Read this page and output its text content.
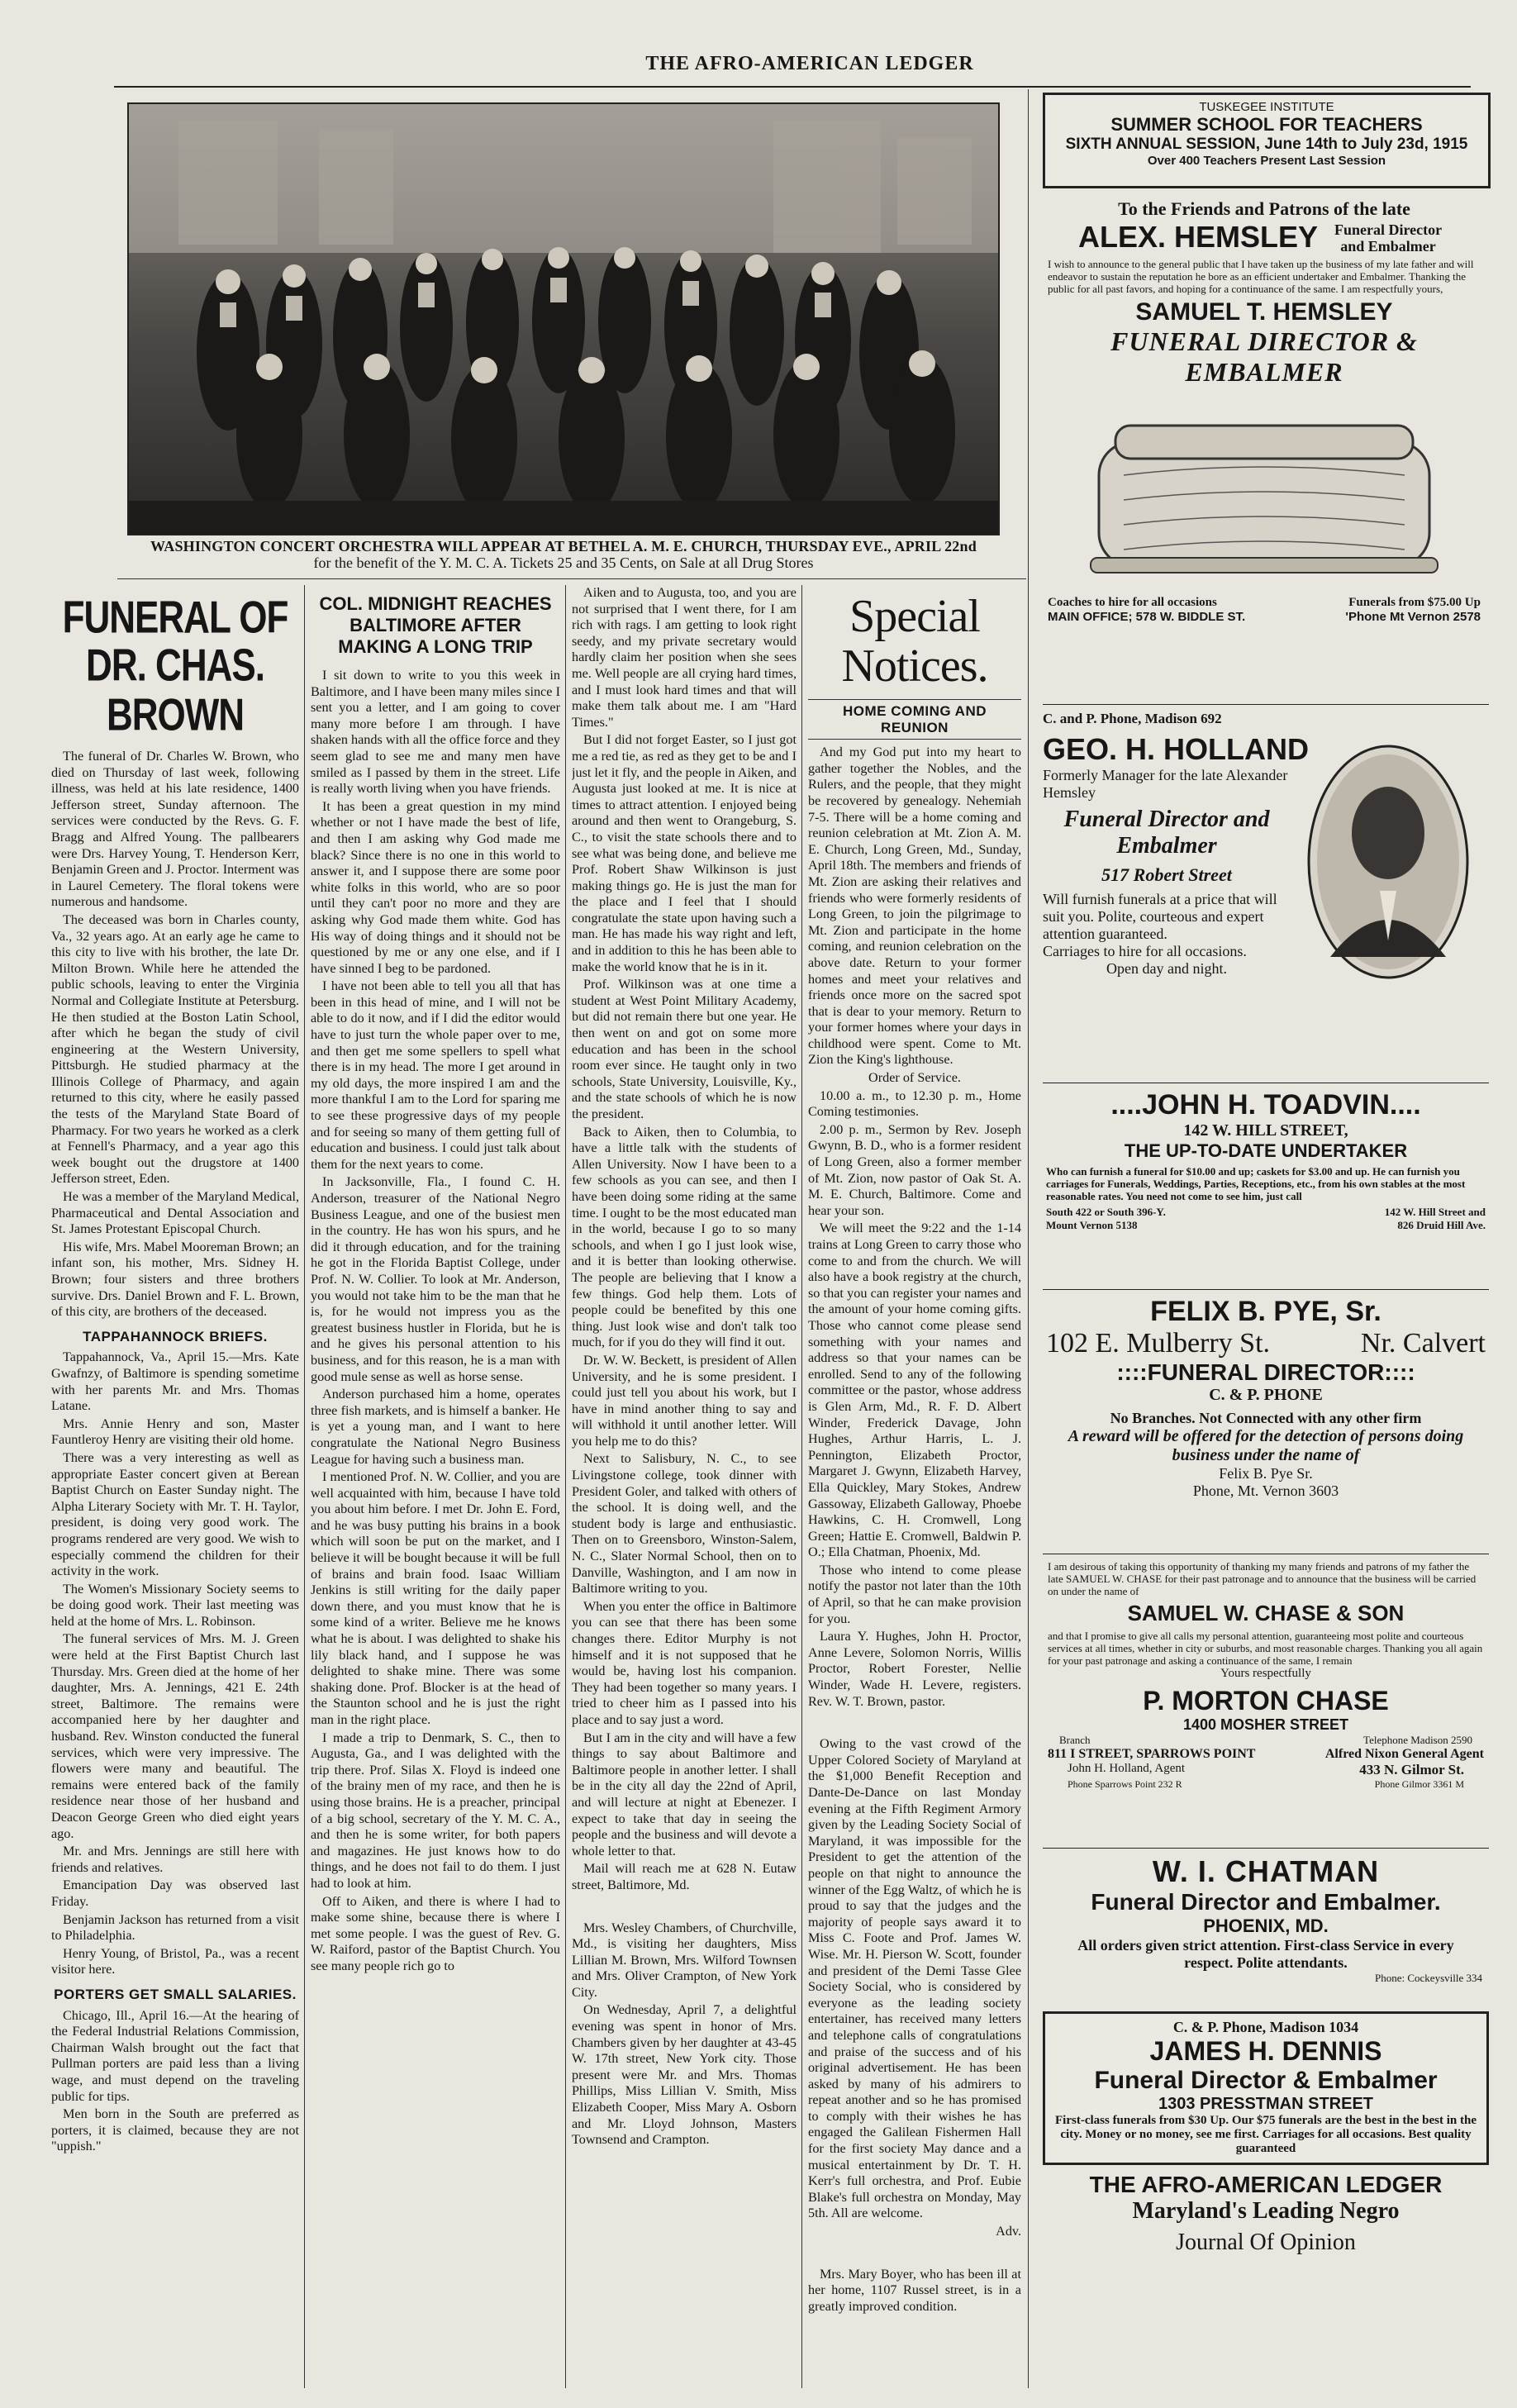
THE AFRO-AMERICAN LEDGER
WASHINGTON CONCERT ORCHESTRA WILL APPEAR AT BETHEL A. M. E. CHURCH, THURSDAY EVE., APRIL 22nd
for the benefit of the Y. M. C. A. Tickets 25 and 35 Cents, on Sale at all Drug Stores
FUNERAL OF
DR. CHAS. BROWN

The funeral of Dr. Charles W. Brown, who died on Thursday of last week, following illness, was held at his late residence, 1400 Jefferson street, Sunday afternoon. The services were conducted by the Revs. G. F. Bragg and Alfred Young. The pallbearers were Drs. Harvey Young, T. Henderson Kerr, Benjamin Green and J. Proctor. Interment was in Laurel Cemetery. The floral tokens were numerous and handsome.

The deceased was born in Charles county, Va., 32 years ago. At an early age he came to this city to live with his brother, the late Dr. Milton Brown. While here he attended the public schools, leaving to enter the Virginia Normal and Collegiate Institute at Petersburg. He then studied at the Boston Latin School, after which he began the study of civil engineering at the Western University, Pittsburgh. He studied pharmacy at the Illinois College of Pharmacy, and again returned to this city, where he easily passed the tests of the Maryland State Board of Pharmacy. For two years he worked as a clerk at Fennell's Pharmacy, and a year ago this week bought out the drugstore at 1400 Jefferson street, Eden.

He was a member of the Maryland Medical, Pharmaceutical and Dental Association and St. James Protestant Episcopal Church.

His wife, Mrs. Mabel Mooreman Brown; an infant son, his mother, Mrs. Sidney H. Brown; four sisters and three brothers survive. Drs. Daniel Brown and F. L. Brown, of this city, are brothers of the deceased.

TAPPAHANNOCK BRIEFS.

Tappahannock, Va., April 15.—Mrs. Kate Gwafnzy, of Baltimore is spending sometime with her parents Mr. and Mrs. Thomas Latane.

Mrs. Annie Henry and son, Master Fauntleroy Henry are visiting their old home.

There was a very interesting as well as appropriate Easter concert given at Berean Baptist Church on Easter Sunday night. The Alpha Literary Society with Mr. T. H. Taylor, president, is doing very good work. The programs rendered are very good. We wish to especially commend the children for their activity in the work.

The Women's Missionary Society seems to be doing good work. Their last meeting was held at the home of Mrs. L. Robinson.

The funeral services of Mrs. M. J. Green were held at the First Baptist Church last Thursday. Mrs. Green died at the home of her daughter, Mrs. A. Jennings, 421 E. 24th street, Baltimore. The remains were accompanied here by her daughter and husband. Rev. Winston conducted the funeral services, which were very impressive. The flowers were many and beautiful. The remains were entered back of the family residence near those of her husband and Deacon George Green who died eight years ago.

Mr. and Mrs. Jennings are still here with friends and relatives.

Emancipation Day was observed last Friday.

Benjamin Jackson has returned from a visit to Philadelphia.

Henry Young, of Bristol, Pa., was a recent visitor here.

PORTERS GET SMALL SALARIES.

Chicago, Ill., April 16.—At the hearing of the Federal Industrial Relations Commission, Chairman Walsh brought out the fact that Pullman porters are paid less than a living wage, and must depend on the traveling public for tips.

Men born in the South are preferred as porters, it is claimed, because they are not "uppish."

COL. MIDNIGHT REACHES BALTIMORE AFTER MAKING A LONG TRIP

I sit down to write to you this week in Baltimore, and I have been many miles since I sent you a letter, and I am going to cover many more before I am through. I have shaken hands with all the office force and they seem glad to see me and many men have smiled as I passed by them in the street. Life is really worth living when you have friends.

It has been a great question in my mind whether or not I have made the best of life, and then I am asking why God made me black? Since there is no one in this world to answer it, and I suppose there are some poor white folks in this world, who are so poor until they can't poor no more and they are asking why God made them white. God has His way of doing things and it should not be questioned by me or any one else, and if I have sinned I beg to be pardoned.

I have not been able to tell you all that has been in this head of mine, and I will not be able to do it now, and if I did the editor would have to just turn the whole paper over to me, and then get me some spellers to spell what there is in my head. The more I get around in my old days, the more inspired I am and the more thankful I am to the Lord for sparing me to see these progressive days of my people and for seeing so many of them getting full of education and business. I could just talk about them for the next years to come.

In Jacksonville, Fla., I found C. H. Anderson, treasurer of the National Negro Business League, and one of the busiest men in the country. He has won his spurs, and he did it through education, and for the training he got in the Florida Baptist College, under Prof. N. W. Collier. To look at Mr. Anderson, you would not take him to be the man that he is, for he would not impress you as the greatest business hustler in Florida, but he is and he gives his personal attention to his business, and for this reason, he is a man with good mule sense as well as horse sense.

Anderson purchased him a home, operates three fish markets, and is himself a banker. He is yet a young man, and I want to here congratulate the National Negro Business League for having such a business man.

I mentioned Prof. N. W. Collier, and you are well acquainted with him, because I have told you about him before. I met Dr. John E. Ford, and he was busy putting his brains in a book which will soon be put on the market, and I believe it will be bought because it will be full of brains and brain food. Isaac William Jenkins is still writing for the daily paper down there, and you must know that he is some kind of a writer. Believe me he knows what he is about. I was delighted to shake his lily black hand, and I suppose he was delighted to shake mine. There was some shaking done. Prof. Blocker is at the head of the Staunton school and he is just the right man in the right place.

I made a trip to Denmark, S. C., then to Augusta, Ga., and I was delighted with the trip there. Prof. Silas X. Floyd is indeed one of the brainy men of my race, and then he is using those brains. He is a preacher, principal of a big school, secretary of the Y. M. C. A., and then he is some writer, for both papers and magazines. He just knows how to do things, and he does not fail to do them. I just had to look at him.

Off to Aiken, and there is where I had to make some shine, because there is where I met some people. I was the guest of Rev. G. W. Raiford, pastor of the Baptist Church. You see many people rich go to

Aiken and to Augusta, too, and you are not surprised that I went there, for I am rich with rags. I am getting to look right seedy, and my private secretary would hardly claim her position when she sees me. Well people are all crying hard times, and I must look hard times and that will make them talk about me. I am "Hard Times."

But I did not forget Easter, so I just got me a red tie, as red as they get to be and I just let it fly, and the people in Aiken, and Augusta just looked at me. It is nice at times to attract attention. I enjoyed being around and then went to Orangeburg, S. C., to visit the state schools there and to see what was being done, and believe me Prof. Robert Shaw Wilkinson is just making things go. He is just the man for the place and I feel that I should congratulate the state upon having such a man. He has made his way right and left, and in addition to this he has been able to make the world know that he is in it.

Prof. Wilkinson was at one time a student at West Point Military Academy, but did not remain there but one year. He then went on and got on some more education and has been in the school room ever since. He taught only in two schools, State University, Louisville, Ky., and the state schools of which he is now the president.

Back to Aiken, then to Columbia, to have a little talk with the students of Allen University. Now I have been to a few schools as you can see, and then I have been doing some riding at the same time. I ought to be the most educated man in the world, because I go to so many schools, and when I go I just look wise, and it is better than looking otherwise. The people are believing that I know a few things. God help them. Lots of people could be benefited by this one thing. Just look wise and don't talk too much, for if you do they will find it out.

Dr. W. W. Beckett, is president of Allen University, and he is some president. I could just tell you about his work, but I have in mind another thing to say and will withhold it until another letter. Will you help me to do this?

Next to Salisbury, N. C., to see Livingstone college, took dinner with President Goler, and talked with others of the school. It is doing well, and the student body is large and enthusiastic. Then on to Greensboro, Winston-Salem, N. C., Slater Normal School, then on to Danville, Washington, and I am now in Baltimore writing to you.

When you enter the office in Baltimore you can see that there has been some changes there. Editor Murphy is not himself and it is not supposed that he would be, having lost his companion. They had been together so many years. I tried to cheer him as I passed into his place and to say just a word.

But I am in the city and will have a few things to say about Baltimore and Baltimore people in another letter. I shall be in the city all day the 22nd of April, and will lecture at night at Ebenezer. I expect to take that day in seeing the people and the business and will devote a whole letter to that.

Mail will reach me at 628 N. Eutaw street, Baltimore, Md.

Mrs. Wesley Chambers, of Churchville, Md., is visiting her daughters, Miss Lillian M. Brown, Mrs. Wilford Townsen and Mrs. Oliver Crampton, of New York City.

On Wednesday, April 7, a delightful evening was spent in honor of Mrs. Chambers given by her daughter at 43-45 W. 17th street, New York city. Those present were Mr. and Mrs. Thomas Phillips, Miss Lillian V. Smith, Miss Elizabeth Cooper, Miss Mary A. Osborn and Mr. Lloyd Johnson, Masters Townsend and Crampton.

Special Notices.
HOME COMING AND REUNION

And my God put into my heart to gather together the Nobles, and the Rulers, and the people, that they might be recovered by genealogy. Nehemiah 7-5. There will be a home coming and reunion celebration at Mt. Zion A. M. E. Church, Long Green, Md., Sunday, April 18th. The members and friends of Mt. Zion are asking their relatives and friends who were formerly residents of Long Green, to join the pilgrimage to Mt. Zion and participate in the home coming, and reunion celebration on the above date. Return to your former homes and meet your relatives and friends once more on the sacred spot that is dear to your memory. Return to your former homes where your days in childhood were spent. Come to Mt. Zion the King's lighthouse.

Order of Service.

10.00 a. m., to 12.30 p. m., Home Coming testimonies.

2.00 p. m., Sermon by Rev. Joseph Gwynn, B. D., who is a former resident of Long Green, also a former member of Mt. Zion, now pastor of Oak St. A. M. E. Church, Baltimore. Come and hear your son.

We will meet the 9:22 and the 1-14 trains at Long Green to carry those who come to and from the church. We will also have a book registry at the church, so that you can register your names and the amount of your home coming gifts. Those who cannot come please send something with your names and address so that your names can be enrolled. Send to any of the following committee or the pastor, whose address is Glen Arm, Md., R. F. D. Albert Winder, Frederick Davage, John Hughes, Arthur Harris, L. J. Pennington, Elizabeth Proctor, Margaret J. Gwynn, Elizabeth Harvey, Ella Quickley, Mary Stokes, Andrew Gassoway, Elizabeth Galloway, Phoebe Hawkins, C. H. Cromwell, Long Green; Hattie E. Cromwell, Baldwin P. O.; Ella Chatman, Phoenix, Md.

Those who intend to come please notify the pastor not later than the 10th of April, so that he can make provision for you.

Laura Y. Hughes, John H. Proctor, Anne Levere, Solomon Norris, Willis Proctor, Robert Forester, Nellie Winder, Wade H. Levere, registers. Rev. W. T. Brown, pastor.

Owing to the vast crowd of the Upper Colored Society of Maryland at the $1,000 Benefit Reception and Dante-De-Dance on last Monday evening at the Fifth Regiment Armory given by the Leading Society Social of Maryland, it was impossible for the President to get the attention of the people on that night to announce the winner of the Egg Waltz, of which he is proud to say that the judges and the majority of people says award it to Miss C. Foote and Prof. James W. Wise. Mr. H. Pierson W. Scott, founder and president of the Demi Tasse Glee Society Social, who is considered by everyone as the leading society entertainer, has received many letters and telephone calls of congratulations and praise of the success and of his original advertisement. He has been asked by many of his admirers to repeat another and so he has promised to comply with their wishes he has engaged the Galilean Fishermen Hall for the first society May dance and a musical entertainment by Dr. T. H. Kerr's full orchestra, and Prof. Eubie Blake's full orchestra on Monday, May 5th. All are welcome.

Adv.

Mrs. Mary Boyer, who has been ill at her home, 1107 Russel street, is in a greatly improved condition.

TUSKEGEE INSTITUTE
SUMMER SCHOOL FOR TEACHERS
SIXTH ANNUAL SESSION, June 14th to July 23d, 1915
Over 400 Teachers Present Last Session
To the Friends and Patrons of the late
ALEX. HEMSLEY	Funeral Director and Embalmer
I wish to announce to the general public that I have taken up the business of my late father and will endeavor to sustain the reputation he bore as an efficient undertaker and Embalmer. Thanking the public for all past favors, and hoping for a continuance of the same. I am respectfully yours,
SAMUEL T. HEMSLEY
FUNERAL DIRECTOR & EMBALMER
Coaches to hire for all occasions	Funerals from $75.00 Up
MAIN OFFICE; 578 W. BIDDLE ST.	'Phone Mt Vernon 2578
C. and P. Phone, Madison 692
GEO. H. HOLLAND
Formerly Manager for the late Alexander Hemsley
Funeral Director and
Embalmer
517 Robert Street
Will furnish funerals at a price that will suit you. Polite, courteous and expert attention guaranteed.
Carriages to hire for all occasions.
Open day and night.
....JOHN H. TOADVIN....
142 W. HILL STREET,
THE UP-TO-DATE UNDERTAKER
Who can furnish a funeral for $10.00 and up; caskets for $3.00 and up. He can furnish you carriages for Funerals, Weddings, Parties, Receptions, etc., from his own stables at the most reasonable rates. You need not come to see him, just call
South 422 or South 396-Y.	142 W. Hill Street and
Mount Vernon 5138	826 Druid Hill Ave.
FELIX B. PYE, Sr.
102 E. Mulberry St.	Nr. Calvert
::::FUNERAL DIRECTOR::::
C. & P. PHONE
No Branches. Not Connected with any other firm
A reward will be offered for the detection of persons doing business under the name of
Felix B. Pye Sr.
Phone, Mt. Vernon 3603
I am desirous of taking this opportunity of thanking my many friends and patrons of my father the late SAMUEL W. CHASE for their past patronage and to announce that the business will be carried on under the name of
SAMUEL W. CHASE & SON
and that I promise to give all calls my personal attention, guaranteeing most polite and courteous services at all times, whether in city or suburbs, and most reasonable charges. Thanking you all again for your past patronage and asking a continuance of the same, I remain
Yours respectfully
P. MORTON CHASE
1400 MOSHER STREET
Branch	Telephone Madison 2590
811 I STREET, SPARROWS POINT	Alfred Nixon General Agent
John H. Holland, Agent	433 N. Gilmor St.
Phone Sparrows Point 232 R	Phone Gilmor 3361 M
W. I. CHATMAN
Funeral Director and Embalmer.
PHOENIX, MD.
All orders given strict attention. First-class Service in every respect. Polite attendants.
Phone: Cockeysville 334
C. & P. Phone, Madison 1034
JAMES H. DENNIS
Funeral Director & Embalmer
1303 PRESSTMAN STREET
First-class funerals from $30 Up. Our $75 funerals are the best in the best in the city. Money or no money, see me first. Carriages for all occasions. Best quality guaranteed
THE AFRO-AMERICAN LEDGER
Maryland's Leading Negro
Journal Of Opinion
